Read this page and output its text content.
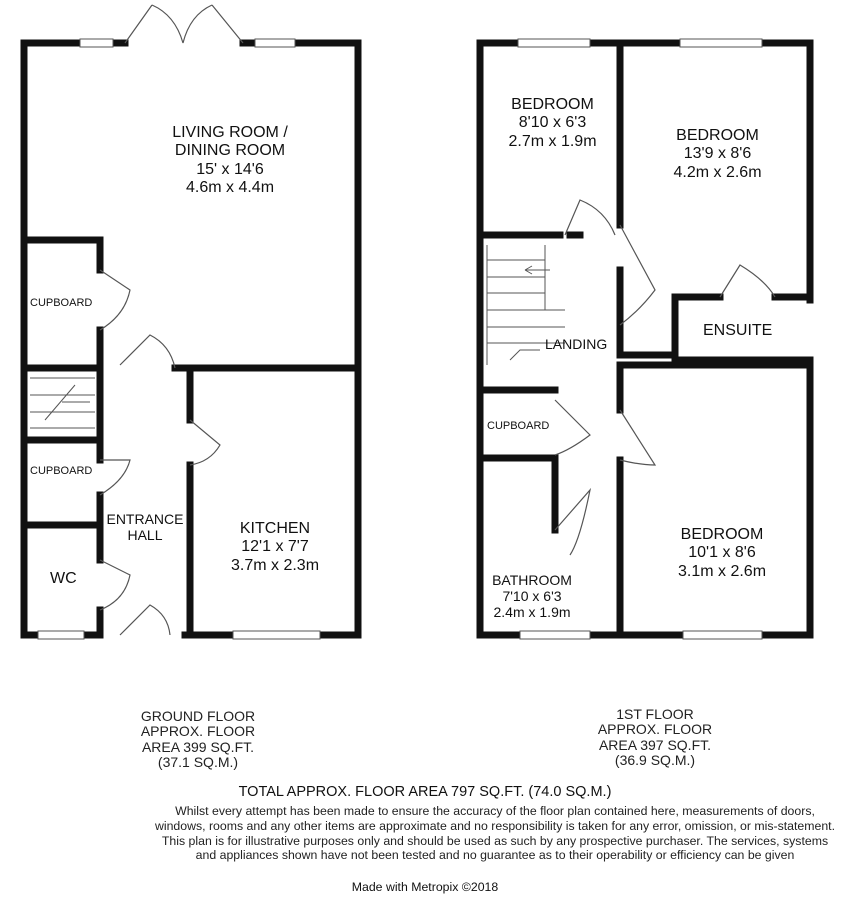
LIVING ROOM /
DINING ROOM
15' x 14'6
4.6m x 4.4m
CUPBOARD
CUPBOARD
WC
ENTRANCE
HALL	KITCHEN
12'1 x 7'7
3.7m x 2.3m
BEDROOM
8'10 x 6'3
2.7m x 1.9m	BEDROOM
13'9 x 8'6
4.2m x 2.6m
ENSUITE
LANDING
CUPBOARD
BATHROOM
7'10 x 6'3
2.4m x 1.9m
BEDROOM
10'1 x 8'6
3.1m x 2.6m
GROUND FLOOR
APPROX. FLOOR
AREA 399 SQ.FT.
(37.1 SQ.M.)
1ST FLOOR
APPROX. FLOOR
AREA 397 SQ.FT.
(36.9 SQ.M.)
TOTAL APPROX. FLOOR AREA 797 SQ.FT. (74.0 SQ.M.)
Whilst every attempt has been made to ensure the accuracy of the floor plan contained here, measurements of doors, windows, rooms and any other items are approximate and no responsibility is taken for any error, omission, or mis-statement. This plan is for illustrative purposes only and should be used as such by any prospective purchaser. The services, systems and appliances shown have not been tested and no guarantee as to their operability or efficiency can be given
Made with Metropix ©2018
